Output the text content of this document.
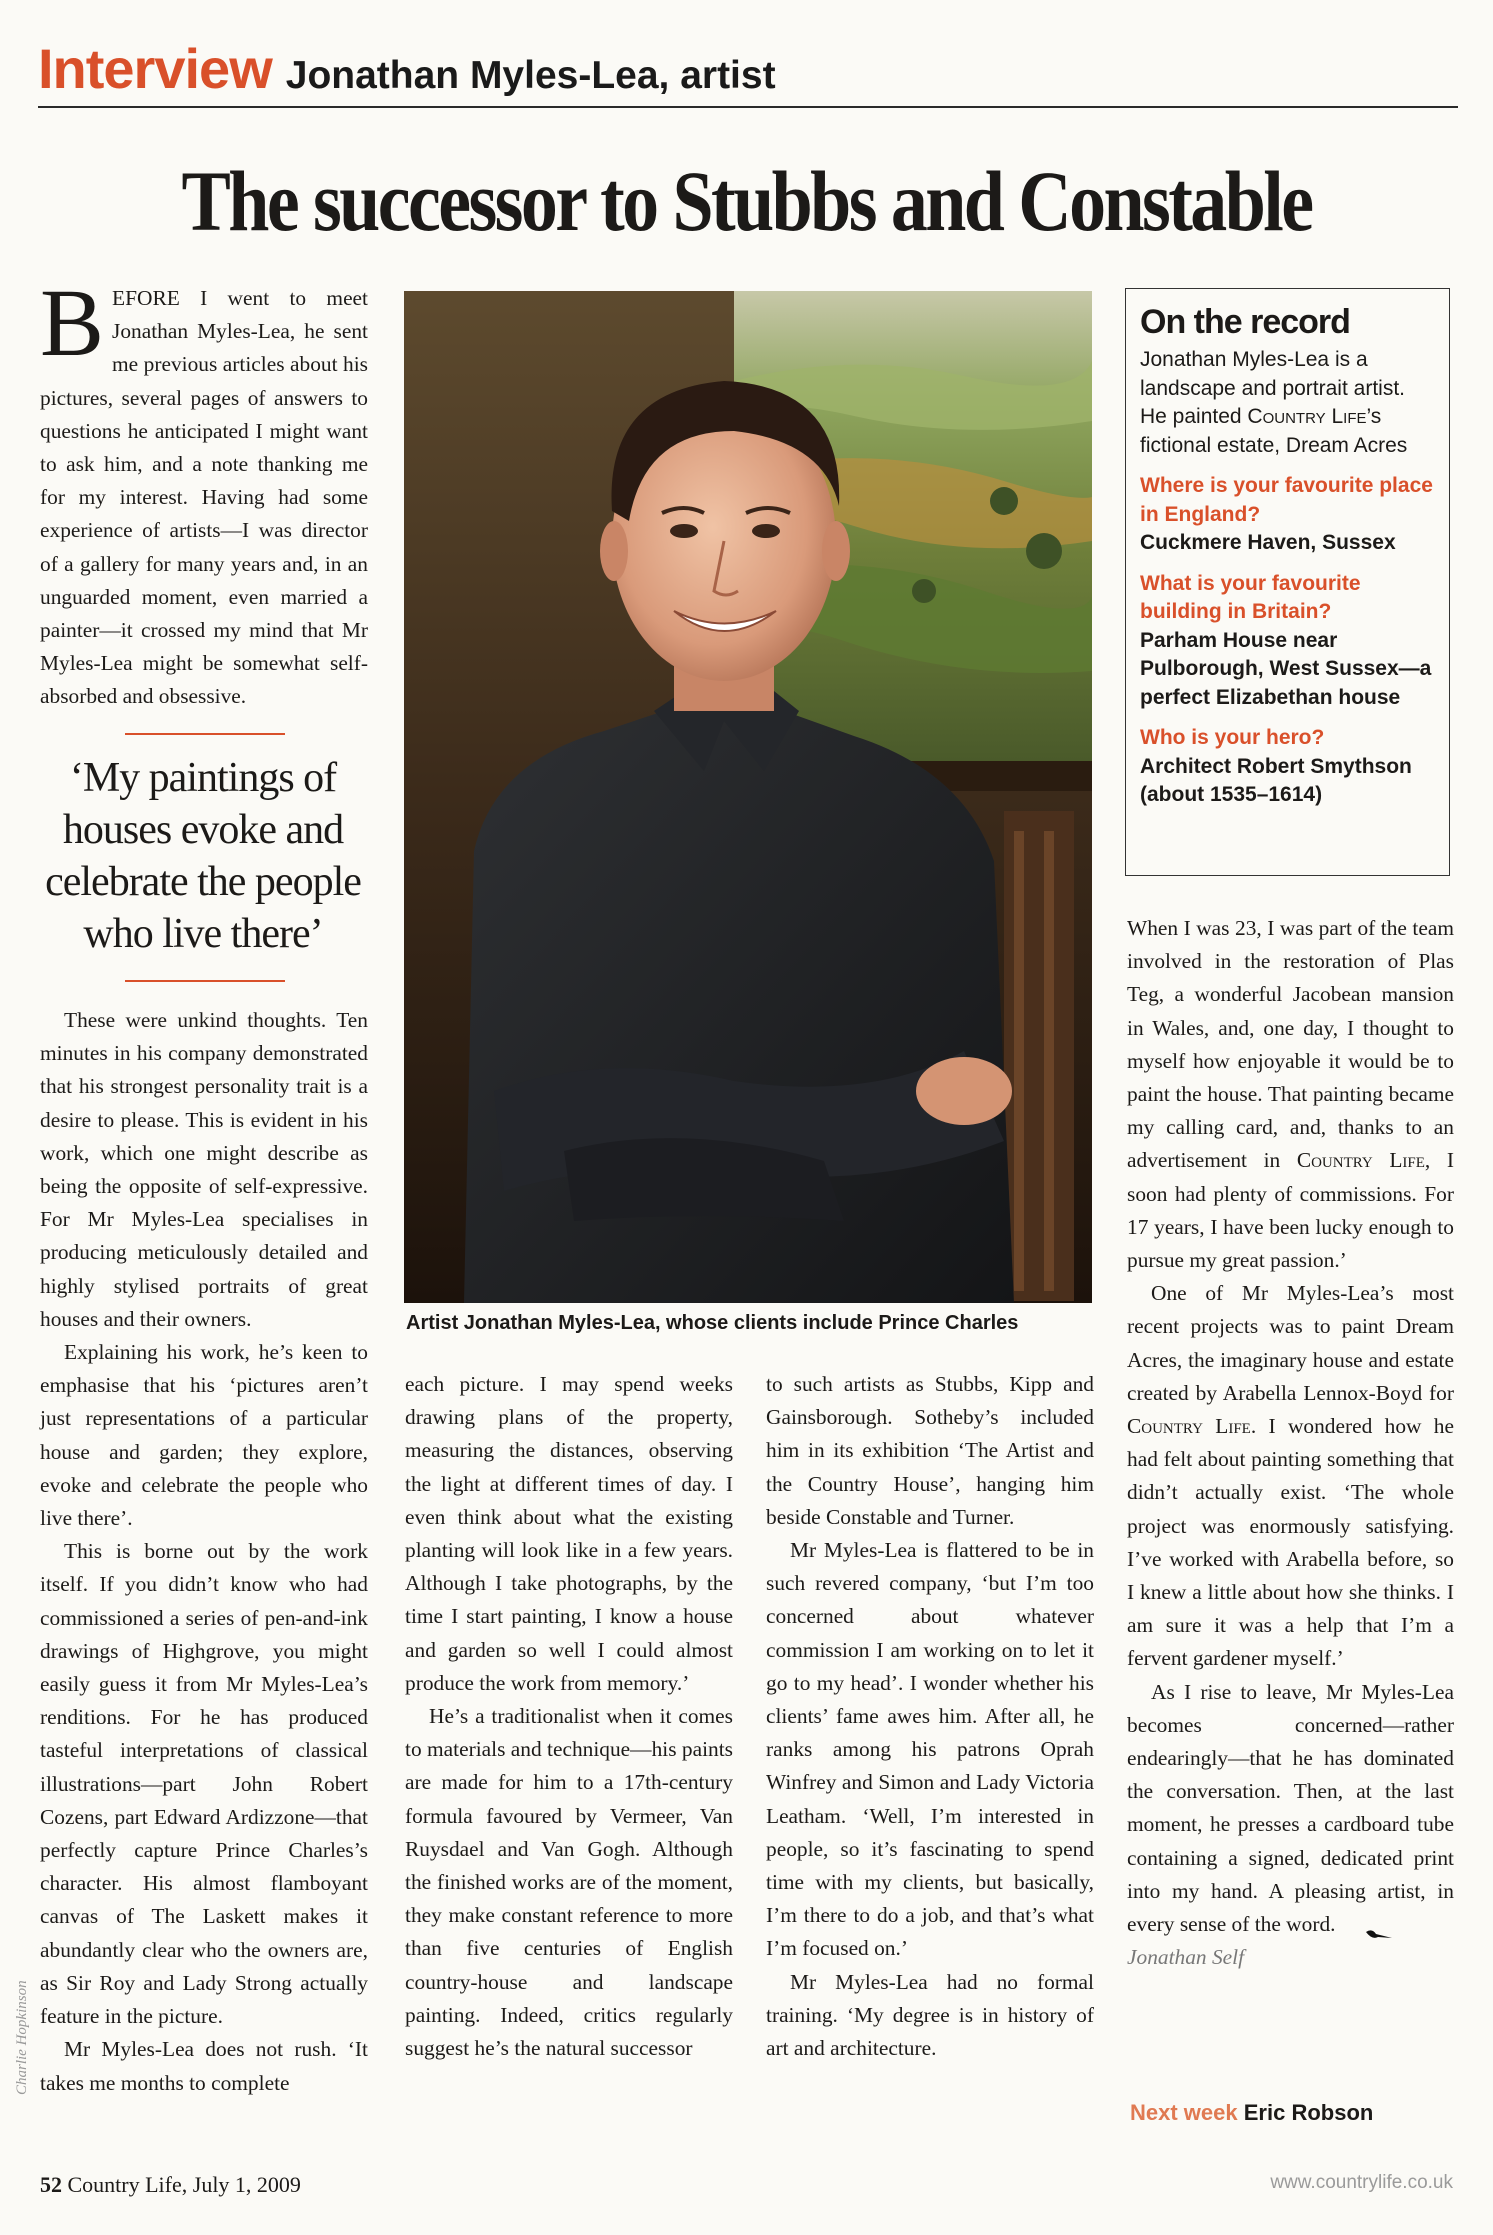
Interview Jonathan Myles-Lea, artist
The successor to Stubbs and Constable

BEFORE I went to meet Jonathan Myles-Lea, he sent me previous articles about his pictures, several pages of answers to questions he anticipated I might want to ask him, and a note thanking me for my interest. Having had some experience of artists—I was director of a gallery for many years and, in an unguarded moment, even married a painter—it crossed my mind that Mr Myles-Lea might be somewhat self-absorbed and obsessive.

‘My paintings of houses evoke and celebrate the people who live there’

These were unkind thoughts. Ten minutes in his company demonstrated that his strongest personality trait is a desire to please. This is evident in his work, which one might describe as being the opposite of self-expressive. For Mr Myles-Lea specialises in producing meticulously detailed and highly stylised portraits of great houses and their owners.

Explaining his work, he’s keen to emphasise that his ‘pictures aren’t just representations of a particular house and garden; they explore, evoke and celebrate the people who live there’.

This is borne out by the work itself. If you didn’t know who had commissioned a series of pen-and-ink drawings of Highgrove, you might easily guess it from Mr Myles-Lea’s renditions. For he has produced tasteful interpretations of classical illustrations—part John Robert Cozens, part Edward Ardizzone—that perfectly capture Prince Charles’s character. His almost flamboyant canvas of The Laskett makes it abundantly clear who the owners are, as Sir Roy and Lady Strong actually feature in the picture.

Mr Myles-Lea does not rush. ‘It takes me months to complete

Charlie Hopkinson
Artist Jonathan Myles-Lea, whose clients include Prince Charles

each picture. I may spend weeks drawing plans of the property, measuring the distances, observing the light at different times of day. I even think about what the existing planting will look like in a few years. Although I take photographs, by the time I start painting, I know a house and garden so well I could almost produce the work from memory.’

He’s a traditionalist when it comes to materials and technique—his paints are made for him to a 17th-century formula favoured by Vermeer, Van Ruysdael and Van Gogh. Although the finished works are of the moment, they make constant reference to more than five centuries of English country-house and landscape painting. Indeed, critics regularly suggest he’s the natural successor

to such artists as Stubbs, Kipp and Gainsborough. Sotheby’s included him in its exhibition ‘The Artist and the Country House’, hanging him beside Constable and Turner.

Mr Myles-Lea is flattered to be in such revered company, ‘but I’m too concerned about whatever commission I am working on to let it go to my head’. I wonder whether his clients’ fame awes him. After all, he ranks among his patrons Oprah Winfrey and Simon and Lady Victoria Leatham. ‘Well, I’m interested in people, so it’s fascinating to spend time with my clients, but basically, I’m there to do a job, and that’s what I’m focused on.’

Mr Myles-Lea had no formal training. ‘My degree is in history of art and architecture.

On the record
Jonathan Myles-Lea is a landscape and portrait artist. He painted Country Life’s fictional estate, Dream Acres
Where is your favourite place in England?
Cuckmere Haven, Sussex
What is your favourite building in Britain?
Parham House near Pulborough, West Sussex—a perfect Elizabethan house
Who is your hero?
Architect Robert Smythson (about 1535–1614)

When I was 23, I was part of the team involved in the restoration of Plas Teg, a wonderful Jacobean mansion in Wales, and, one day, I thought to myself how enjoyable it would be to paint the house. That painting became my calling card, and, thanks to an advertisement in Country Life, I soon had plenty of commissions. For 17 years, I have been lucky enough to pursue my great passion.’

One of Mr Myles-Lea’s most recent projects was to paint Dream Acres, the imaginary house and estate created by Arabella Lennox-Boyd for Country Life. I wondered how he had felt about painting something that didn’t actually exist. ‘The whole project was enormously satisfying. I’ve worked with Arabella before, so I knew a little about how she thinks. I am sure it was a help that I’m a fervent gardener myself.’

As I rise to leave, Mr Myles-Lea becomes concerned—rather endearingly—that he has dominated the conversation. Then, at the last moment, he presses a cardboard tube containing a signed, dedicated print into my hand. A pleasing artist, in every sense of the word.

Jonathan Self

Next week Eric Robson
52 Country Life, July 1, 2009	www.countrylife.co.uk
